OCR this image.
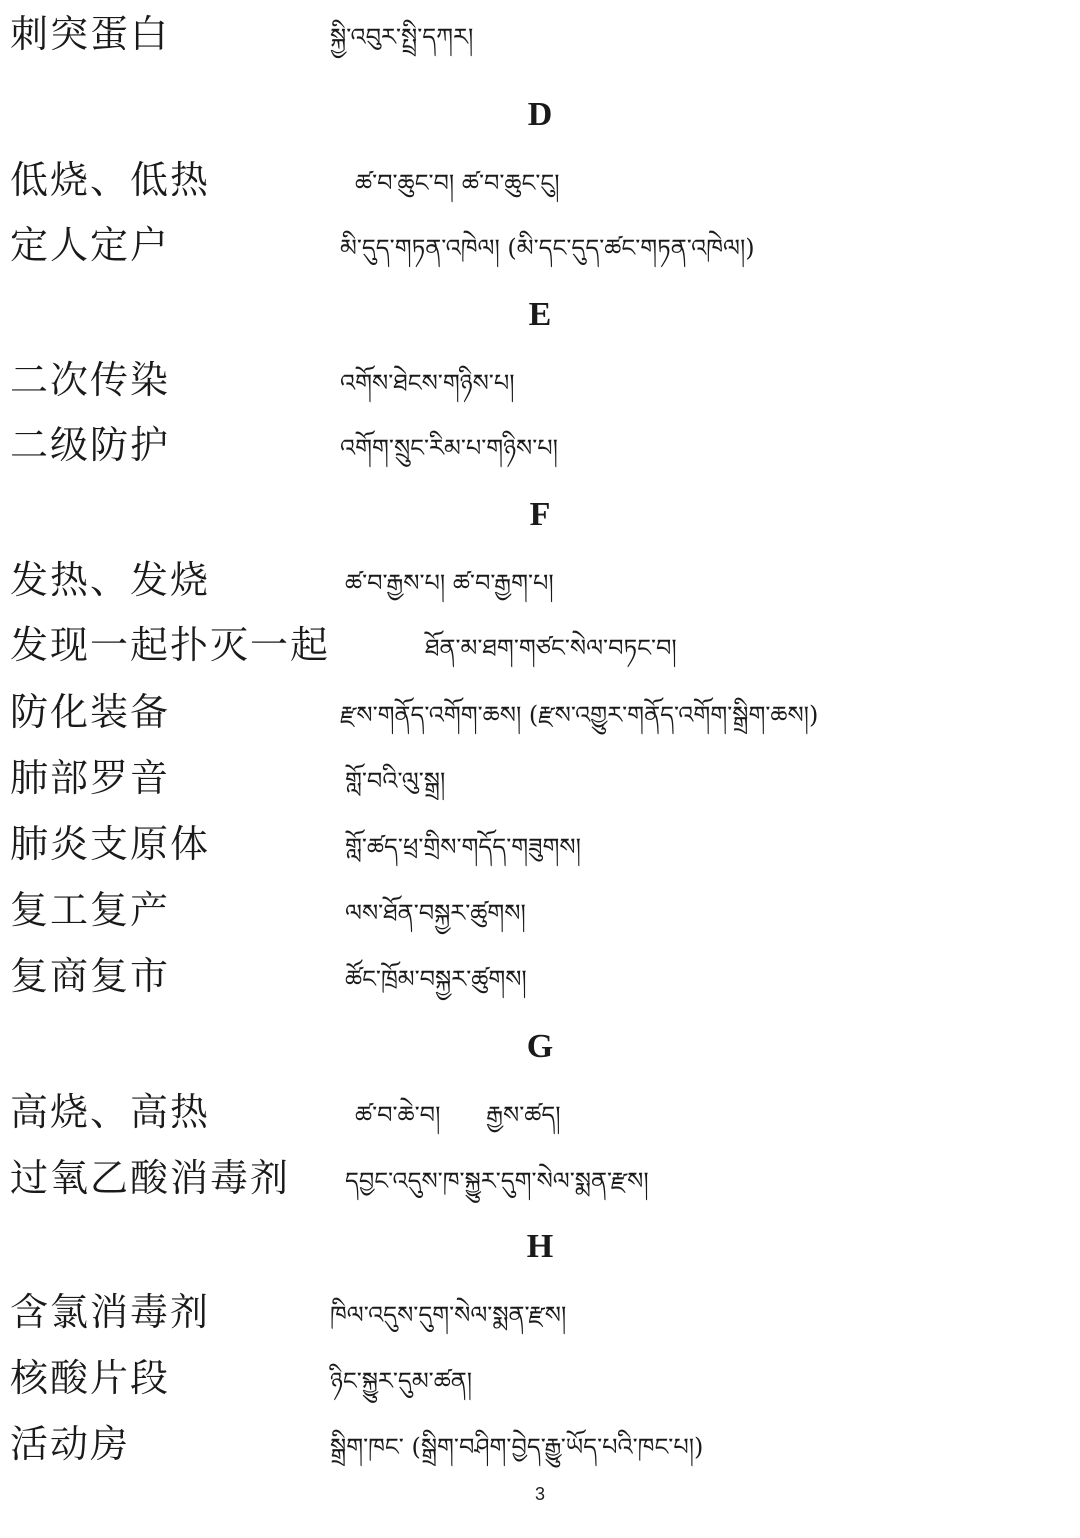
刺突蛋白	སྐྱི་འབུར་སྤྲི་དཀར།
D
低烧、低热	ཚ་བ་ཆུང་བ། ཚ་བ་ཆུང་ངུ།
定人定户	མི་དུད་གཏན་འཁེལ། (མི་དང་དུད་ཚང་གཏན་འཁེལ།)
E
二次传染	འགོས་ཐེངས་གཉིས་པ།
二级防护	འགོག་སྲུང་རིམ་པ་གཉིས་པ།
F
发热、发烧	ཚ་བ་རྒྱས་པ། ཚ་བ་རྒྱག་པ།
发现一起扑灭一起	ཐོན་མ་ཐག་གཙང་སེལ་བཏང་བ།
防化装备	རྫས་གནོད་འགོག་ཆས། (རྫས་འགྱུར་གནོད་འགོག་སྒྲིག་ཆས།)
肺部罗音	གློ་བའི་ལུ་སྒྲ།
肺炎支原体	གློ་ཚད་ཕྲ་གྲིས་གདོད་གཟུགས།
复工复产	ལས་ཐོན་བསྐྱར་ཚུགས།
复商复市	ཚོང་ཁྲོམ་བསྐྱར་ཚུགས།
G
高烧、高热	ཚ་བ་ཆེ་བ།      རྒྱས་ཚད།
过氧乙酸消毒剂 དབྱང་འདུས་ཁ་སྐྱུར་དུག་སེལ་སྨན་རྫས།
H
含氯消毒剂	ཁིལ་འདུས་དུག་སེལ་སྨན་རྫས།
核酸片段	ཉིང་སྐྱུར་དུམ་ཚན།
活动房	སྒྲིག་ཁང་ (སྒྲིག་བཤིག་བྱེད་རྒྱུ་ཡོད་པའི་ཁང་པ།)
3
